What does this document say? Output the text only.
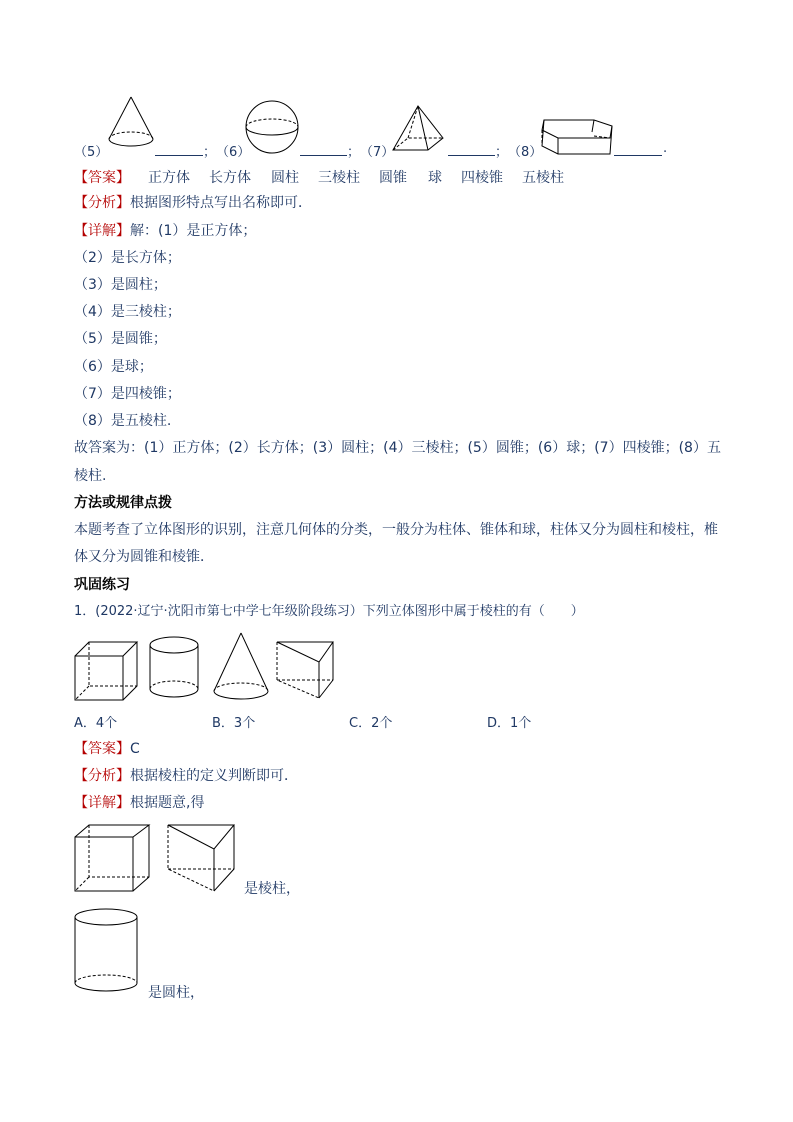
（5）	； （6）	； （7）	； （8）	.
【答案】 正方体 长方体 圆柱 三棱柱 圆锥 球 四棱锥 五棱柱
【分析】根据图形特点写出名称即可．
【详解】解：(1）是正方体；
（2）是长方体；
（3）是圆柱；
（4）是三棱柱；
（5）是圆锥；
（6）是球；
（7）是四棱锥；
（8）是五棱柱.
故答案为：(1）正方体；(2）长方体；(3）圆柱；(4）三棱柱；(5）圆锥；(6）球；(7）四棱锥；(8）五
棱柱.
方法或规律点拨
本题考查了立体图形的识别，注意几何体的分类，一般分为柱体、锥体和球，柱体又分为圆柱和棱柱，椎
体又分为圆锥和棱锥．
巩固练习
1．(2022·辽宁·沈阳市第七中学七年级阶段练习）下列立体图形中属于棱柱的有（　　）
A．4个	B．3个	C．2个	D．1个
【答案】C
【分析】根据棱柱的定义判断即可．
【详解】根据题意,得
是棱柱，
是圆柱，
